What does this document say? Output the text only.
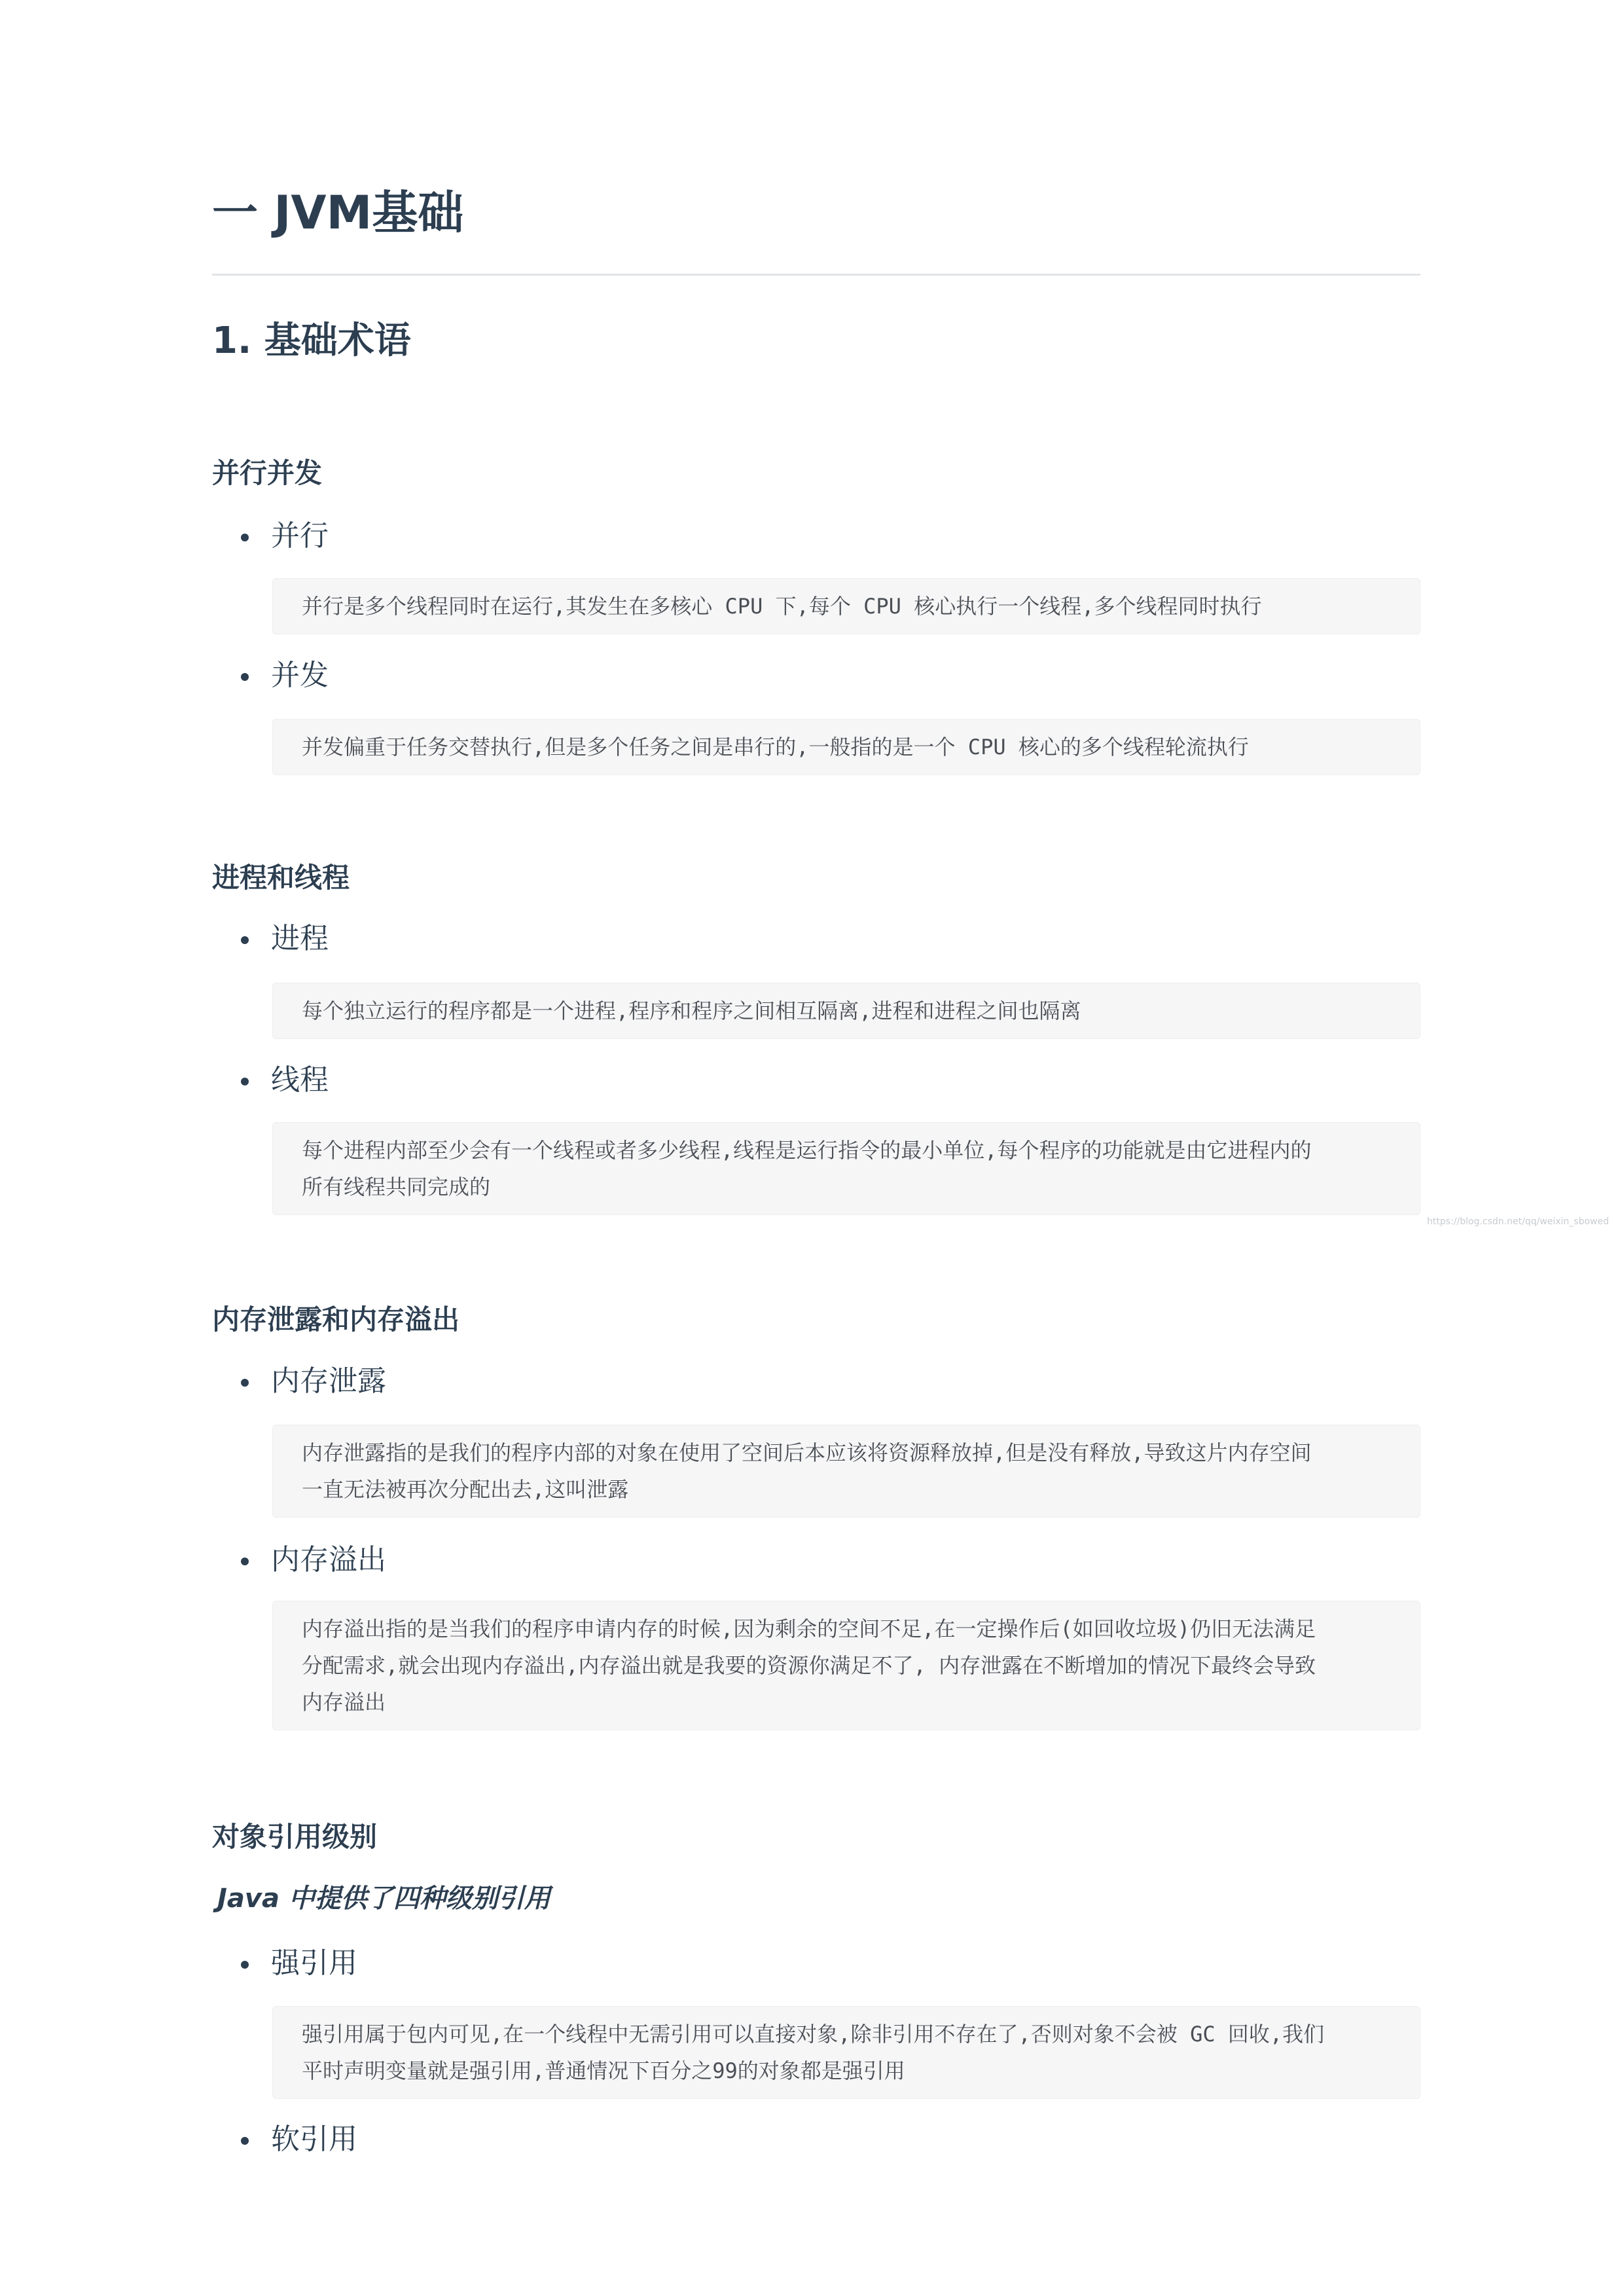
一 JVM基础
1. 基础术语
并行并发
并行
并行是多个线程同时在运行,其发生在多核心 CPU 下,每个 CPU 核心执行一个线程,多个线程同时执行
并发
并发偏重于任务交替执行,但是多个任务之间是串行的,一般指的是一个 CPU 核心的多个线程轮流执行
进程和线程
进程
每个独立运行的程序都是一个进程,程序和程序之间相互隔离,进程和进程之间也隔离
线程
每个进程内部至少会有一个线程或者多少线程,线程是运行指令的最小单位,每个程序的功能就是由它进程内的
所有线程共同完成的
内存泄露和内存溢出
内存泄露
内存泄露指的是我们的程序内部的对象在使用了空间后本应该将资源释放掉,但是没有释放,导致这片内存空间
一直无法被再次分配出去,这叫泄露
内存溢出
内存溢出指的是当我们的程序申请内存的时候,因为剩余的空间不足,在一定操作后(如回收垃圾)仍旧无法满足
分配需求,就会出现内存溢出,内存溢出就是我要的资源你满足不了, 内存泄露在不断增加的情况下最终会导致
内存溢出
对象引用级别
Java 中提供了四种级别引用
强引用
强引用属于包内可见,在一个线程中无需引用可以直接对象,除非引用不存在了,否则对象不会被 GC 回收,我们
平时声明变量就是强引用,普通情况下百分之99的对象都是强引用
软引用
https://blog.csdn.net/qq/weixin_sbowed
